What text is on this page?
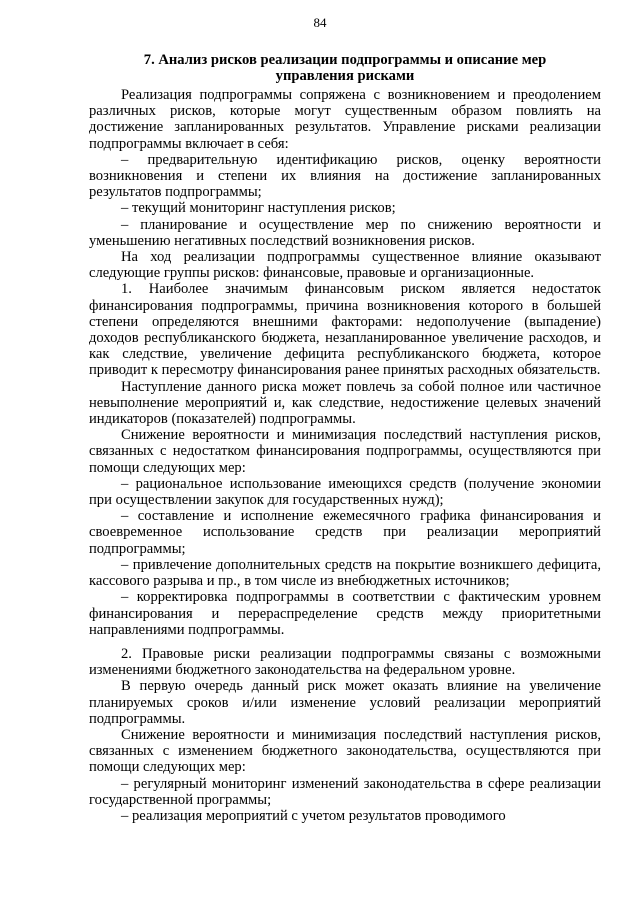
84
7. Анализ рисков реализации подпрограммы и описание мер
управления рисками

Реализация подпрограммы сопряжена с возникновением и преодолением различных рисков, которые могут существенным образом повлиять на достижение запланированных результатов. Управление рисками реализации подпрограммы включает в себя:

– предварительную идентификацию рисков, оценку вероятности возникновения и степени их влияния на достижение запланированных результатов подпрограммы;

– текущий мониторинг наступления рисков;

– планирование и осуществление мер по снижению вероятности и уменьшению негативных последствий возникновения рисков.

На ход реализации подпрограммы существенное влияние оказывают следующие группы рисков: финансовые, правовые и организационные.

1. Наиболее значимым финансовым риском является недостаток финансирования подпрограммы, причина возникновения которого в большей степени определяются внешними факторами: недополучение (выпадение) доходов республиканского бюджета, незапланированное увеличение расходов, и как следствие, увеличение дефицита республиканского бюджета, которое приводит к пересмотру финансирования ранее принятых расходных обязательств.

Наступление данного риска может повлечь за собой полное или частичное невыполнение мероприятий и, как следствие, недостижение целевых значений индикаторов (показателей) подпрограммы.

Снижение вероятности и минимизация последствий наступления рисков, связанных с недостатком финансирования подпрограммы, осуществляются при помощи следующих мер:

– рациональное использование имеющихся средств (получение экономии при осуществлении закупок для государственных нужд);

– составление и исполнение ежемесячного графика финансирования и своевременное использование средств при реализации мероприятий подпрограммы;

– привлечение дополнительных средств на покрытие возникшего дефицита, кассового разрыва и пр., в том числе из внебюджетных источников;

– корректировка подпрограммы в соответствии с фактическим уровнем финансирования и перераспределение средств между приоритетными направлениями подпрограммы.

2. Правовые риски реализации подпрограммы связаны с возможными изменениями бюджетного законодательства на федеральном уровне.

В первую очередь данный риск может оказать влияние на увеличение планируемых сроков и/или изменение условий реализации мероприятий подпрограммы.

Снижение вероятности и минимизация последствий наступления рисков, связанных с изменением бюджетного законодательства, осуществляются при помощи следующих мер:

– регулярный мониторинг изменений законодательства в сфере реализации государственной программы;

– реализация мероприятий с учетом результатов проводимого
